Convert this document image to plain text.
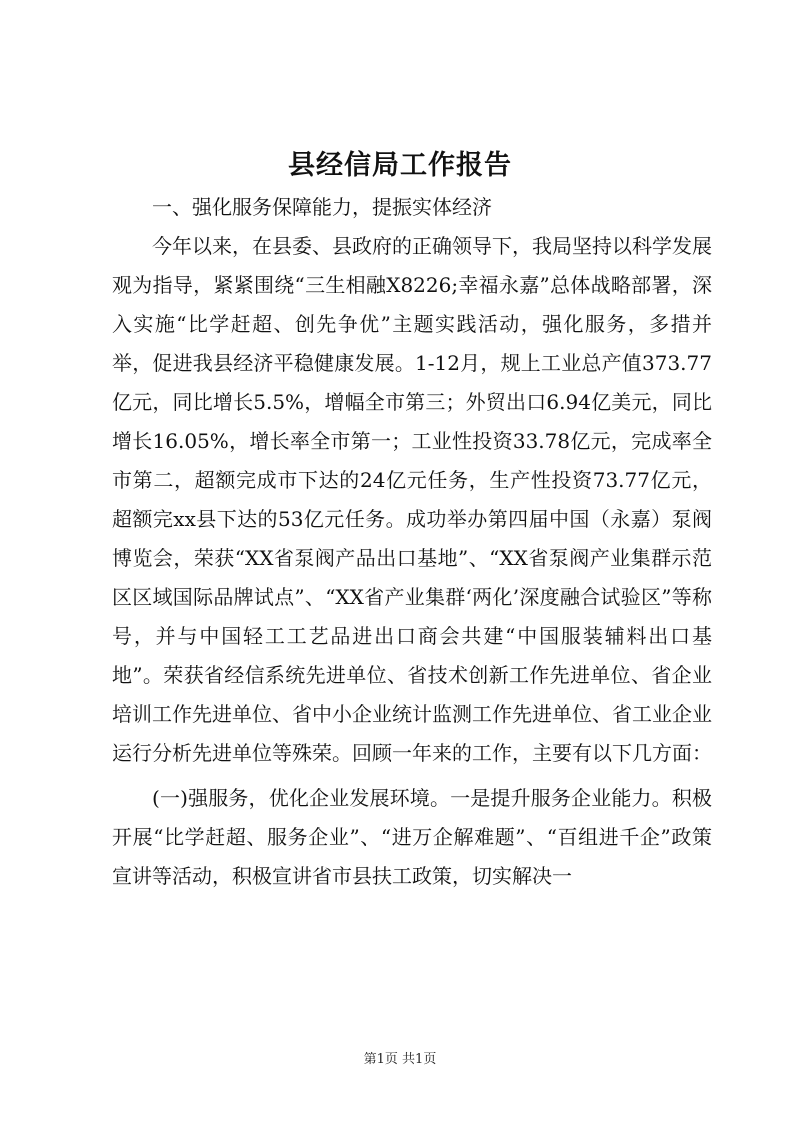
县经信局工作报告

一、强化服务保障能力，提振实体经济

今年以来，在县委、县政府的正确领导下，我局坚持以科学发展观为指导，紧紧围绕“三生相融X8226;幸福永嘉”总体战略部署，深入实施“比学赶超、创先争优”主题实践活动，强化服务，多措并举，促进我县经济平稳健康发展。1-12月，规上工业总产值373.77亿元，同比增长5.5%，增幅全市第三；外贸出口6.94亿美元，同比增长16.05%，增长率全市第一；工业性投资33.78亿元，完成率全市第二，超额完成市下达的24亿元任务，生产性投资73.77亿元，超额完xx县下达的53亿元任务。成功举办第四届中国（永嘉）泵阀博览会，荣获“XX省泵阀产品出口基地”、“XX省泵阀产业集群示范区区域国际品牌试点”、“XX省产业集群‘两化’深度融合试验区”等称号，并与中国轻工工艺品进出口商会共建“中国服装辅料出口基地”。荣获省经信系统先进单位、省技术创新工作先进单位、省企业培训工作先进单位、省中小企业统计监测工作先进单位、省工业企业运行分析先进单位等殊荣。回顾一年来的工作，主要有以下几方面：

(一)强服务，优化企业发展环境。一是提升服务企业能力。积极开展“比学赶超、服务企业”、“进万企解难题”、“百组进千企”政策宣讲等活动，积极宣讲省市县扶工政策，切实解决一

第1页 共1页
